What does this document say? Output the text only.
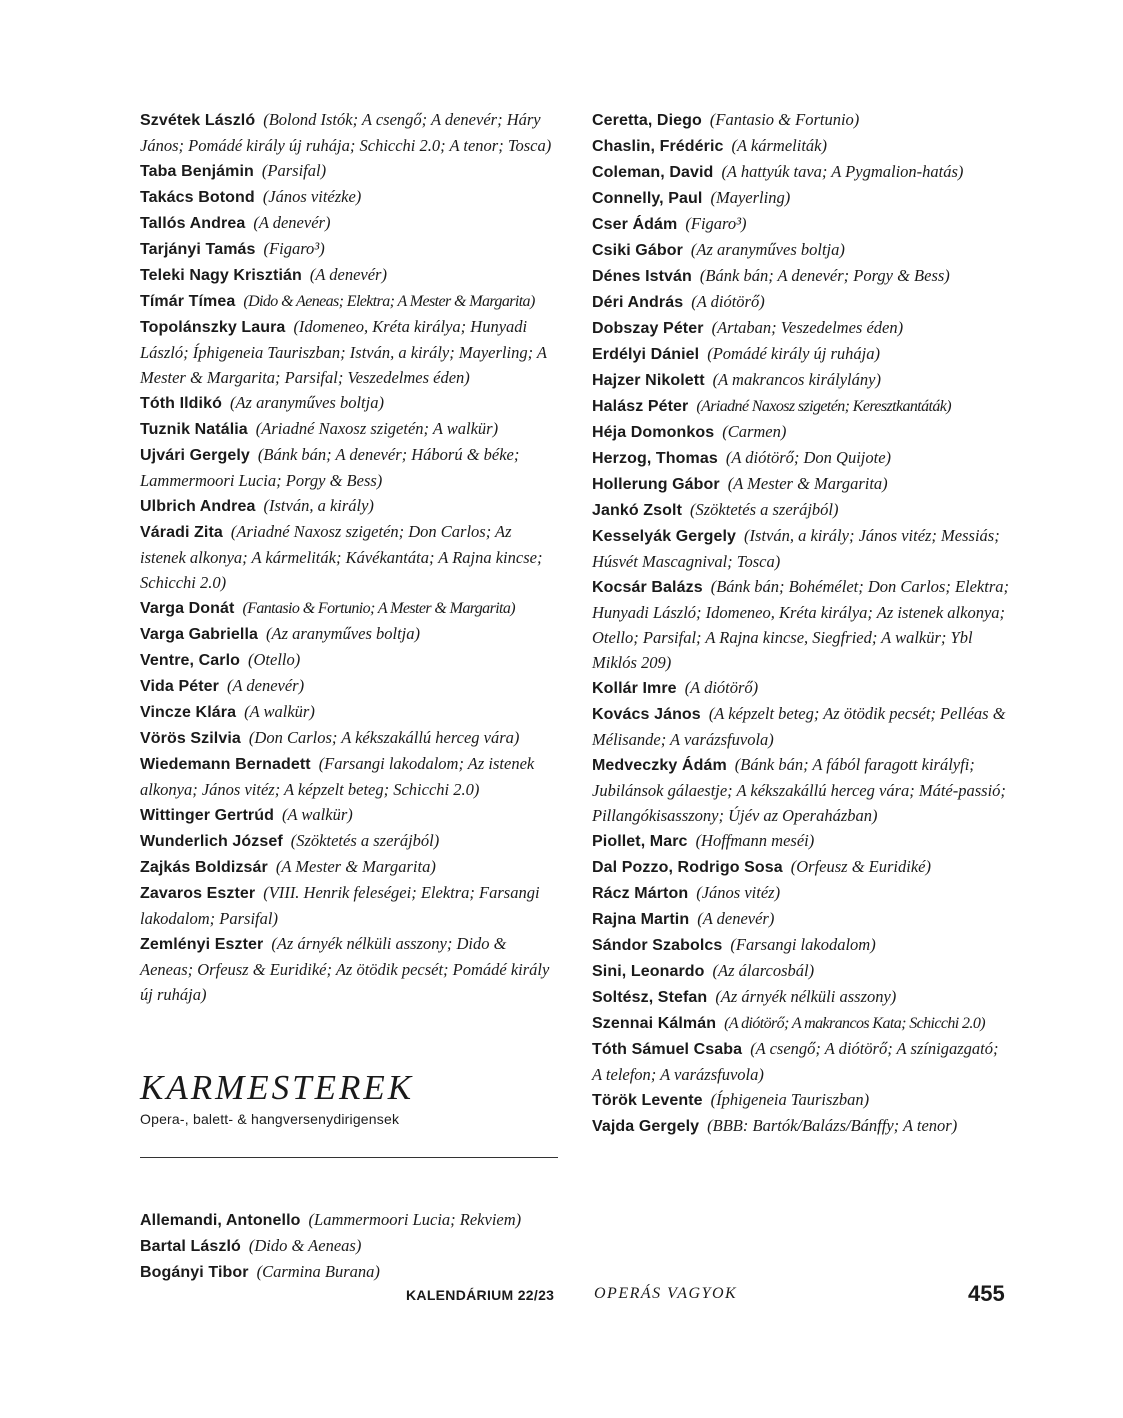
Szvétek László (Bolond Istók; A csengő; A denevér; Háry János; Pomádé király új ruhája; Schicchi 2.0; A tenor; Tosca)

Taba Benjámin (Parsifal)

Takács Botond (János vitézke)

Tallós Andrea (A denevér)

Tarjányi Tamás (Figaro³)

Teleki Nagy Krisztián (A denevér)

Tímár Tímea (Dido & Aeneas; Elektra; A Mester & Margarita)

Topolánszky Laura (Idomeneo, Kréta királya; Hunyadi László; Íphigeneia Tauriszban; István, a király; Mayerling; A Mester & Margarita; Parsifal; Veszedelmes éden)

Tóth Ildikó (Az aranyműves boltja)

Tuznik Natália (Ariadné Naxosz szigetén; A walkür)

Ujvári Gergely (Bánk bán; A denevér; Háború & béke; Lammermoori Lucia; Porgy & Bess)

Ulbrich Andrea (István, a király)

Váradi Zita (Ariadné Naxosz szigetén; Don Carlos; Az istenek alkonya; A kármeliták; Kávékantáta; A Rajna kincse; Schicchi 2.0)

Varga Donát (Fantasio & Fortunio; A Mester & Margarita)

Varga Gabriella (Az aranyműves boltja)

Ventre, Carlo (Otello)

Vida Péter (A denevér)

Vincze Klára (A walkür)

Vörös Szilvia (Don Carlos; A kékszakállú herceg vára)

Wiedemann Bernadett (Farsangi lakodalom; Az istenek alkonya; János vitéz; A képzelt beteg; Schicchi 2.0)

Wittinger Gertrúd (A walkür)

Wunderlich József (Szöktetés a szerájból)

Zajkás Boldizsár (A Mester & Margarita)

Zavaros Eszter (VIII. Henrik feleségei; Elektra; Farsangi lakodalom; Parsifal)

Zemlényi Eszter (Az árnyék nélküli asszony; Dido & Aeneas; Orfeusz & Euridiké; Az ötödik pecsét; Pomádé király új ruhája)

Ceretta, Diego (Fantasio & Fortunio)

Chaslin, Frédéric (A kármeliták)

Coleman, David (A hattyúk tava; A Pygmalion-hatás)

Connelly, Paul (Mayerling)

Cser Ádám (Figaro³)

Csiki Gábor (Az aranyműves boltja)

Dénes István (Bánk bán; A denevér; Porgy & Bess)

Déri András (A diótörő)

Dobszay Péter (Artaban; Veszedelmes éden)

Erdélyi Dániel (Pomádé király új ruhája)

Hajzer Nikolett (A makrancos királylány)

Halász Péter (Ariadné Naxosz szigetén; Keresztkantáták)

Héja Domonkos (Carmen)

Herzog, Thomas (A diótörő; Don Quijote)

Hollerung Gábor (A Mester & Margarita)

Jankó Zsolt (Szöktetés a szerájból)

Kesselyák Gergely (István, a király; János vitéz; Messiás; Húsvét Mascagnival; Tosca)

Kocsár Balázs (Bánk bán; Bohémélet; Don Carlos; Elektra; Hunyadi László; Idomeneo, Kréta királya; Az istenek alkonya; Otello; Parsifal; A Rajna kincse, Siegfried; A walkür; Ybl Miklós 209)

Kollár Imre (A diótörő)

Kovács János (A képzelt beteg; Az ötödik pecsét; Pelléas & Mélisande; A varázsfuvola)

Medveczky Ádám (Bánk bán; A fából faragott királyfi; Jubilánsok gálaestje; A kékszakállú herceg vára; Máté-passió; Pillangókisasszony; Újév az Operaházban)

Piollet, Marc (Hoffmann meséi)

Dal Pozzo, Rodrigo Sosa (Orfeusz & Euridiké)

Rácz Márton (János vitéz)

Rajna Martin (A denevér)

Sándor Szabolcs (Farsangi lakodalom)

Sini, Leonardo (Az álarcosbál)

Soltész, Stefan (Az árnyék nélküli asszony)

Szennai Kálmán (A diótörő; A makrancos Kata; Schicchi 2.0)

Tóth Sámuel Csaba (A csengő; A diótörő; A színigazgató; A telefon; A varázsfuvola)

Török Levente (Íphigeneia Tauriszban)

Vajda Gergely (BBB: Bartók/Balázs/Bánffy; A tenor)

KARMESTEREK

Opera-, balett- & hangversenydirigensek

Allemandi, Antonello (Lammermoori Lucia; Rekviem)

Bartal László (Dido & Aeneas)

Bogányi Tibor (Carmina Burana)

KALENDÁRIUM 22/23 OPERÁS VAGYOK	455
